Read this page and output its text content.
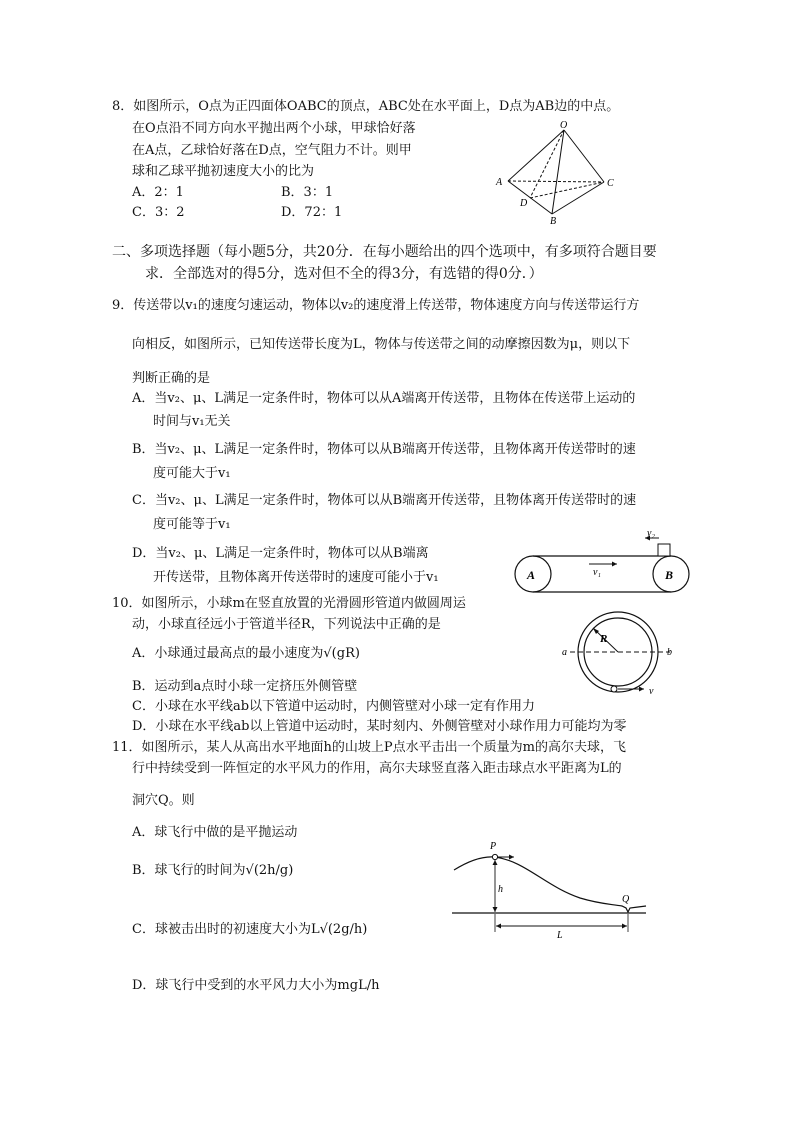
8．如图所示，O点为正四面体OABC的顶点，ABC处在水平面上，D点为AB边的中点。
在O点沿不同方向水平抛出两个小球，甲球恰好落
在A点，乙球恰好落在D点，空气阻力不计。则甲
球和乙球平抛初速度大小的比为
A．2：1	B．3：1
C．3：2	D．72：1
O
A
B
C
D
二、多项选择题（每小题5分，共20分．在每小题给出的四个选项中，有多项符合题目要
求．全部选对的得5分，选对但不全的得3分，有选错的得0分．）
9．传送带以v₁的速度匀速运动，物体以v₂的速度滑上传送带，物体速度方向与传送带运行方
向相反，如图所示，已知传送带长度为L，物体与传送带之间的动摩擦因数为μ，则以下
判断正确的是
A．当v₂、μ、L满足一定条件时，物体可以从A端离开传送带，且物体在传送带上运动的
时间与v₁无关
B．当v₂、μ、L满足一定条件时，物体可以从B端离开传送带，且物体离开传送带时的速
度可能大于v₁
C．当v₂、μ、L满足一定条件时，物体可以从B端离开传送带，且物体离开传送带时的速
度可能等于v₁
D．当v₂、μ、L满足一定条件时，物体可以从B端离
开传送带，且物体离开传送带时的速度可能小于v₁	A	B
v₁
v₂
10．如图所示，小球m在竖直放置的光滑圆形管道内做圆周运
动，小球直径远小于管道半径R，下列说法中正确的是
A．小球通过最高点的最小速度为√(gR)
B．运动到a点时小球一定挤压外侧管壁
C．小球在水平线ab以下管道中运动时，内侧管壁对小球一定有作用力
D．小球在水平线ab以上管道中运动时，某时刻内、外侧管壁对小球作用力可能均为零
R
a	b
v
11．如图所示，某人从高出水平地面h的山坡上P点水平击出一个质量为m的高尔夫球，飞
行中持续受到一阵恒定的水平风力的作用，高尔夫球竖直落入距击球点水平距离为L的
洞穴Q。则
A．球飞行中做的是平抛运动
B．球飞行的时间为√(2h/g)
C．球被击出时的初速度大小为L√(2g/h)
D．球飞行中受到的水平风力大小为mgL/h
P
h
Q
L
